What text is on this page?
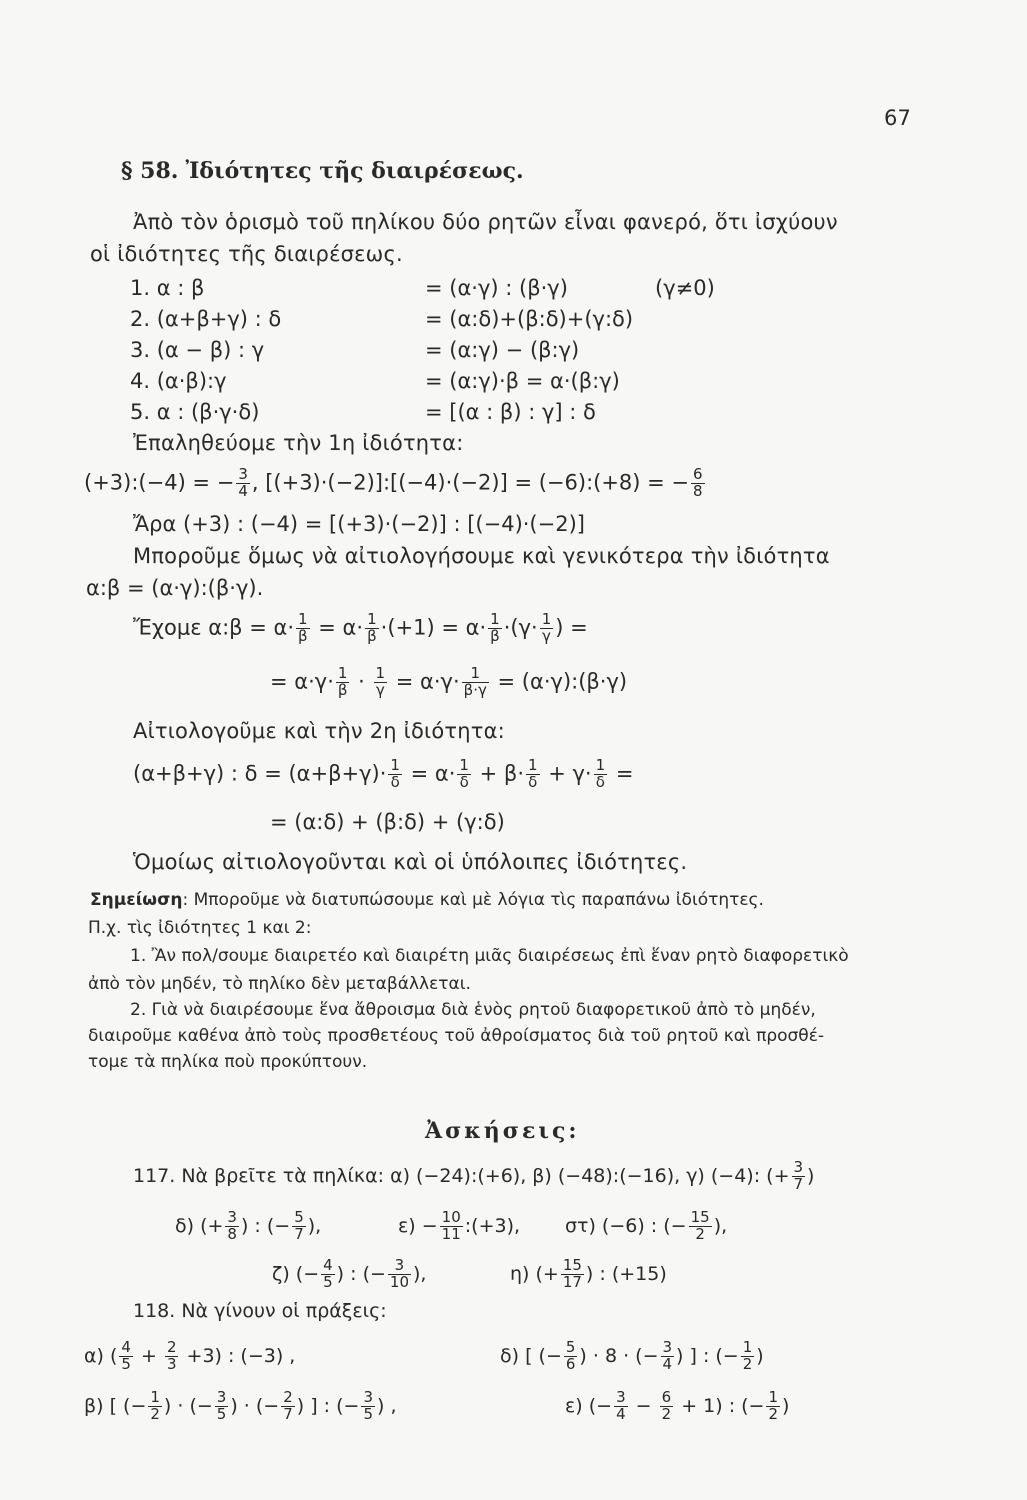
67
§ 58. Ἰδιότητες τῆς διαιρέσεως.
Ἀπὸ τὸν ὁρισμὸ τοῦ πηλίκου δύο ρητῶν εἶναι φανερό, ὅτι ἰσχύουν
οἱ ἰδιότητες τῆς διαιρέσεως.
1. α : β	= (α·γ) : (β·γ)	(γ≠0)
2. (α+β+γ) : δ	= (α:δ)+(β:δ)+(γ:δ)
3. (α − β) : γ	= (α:γ) − (β:γ)
4. (α·β):γ	= (α:γ)·β = α·(β:γ)
5. α : (β·γ·δ)	= [(α : β) : γ] : δ
Ἐπαληθεύομε τὴν 1η ἰδιότητα:
(+3):(−4) = − $\frac{3}{4}$ , [(+3)·(−2)]:[(−4)·(−2)] = (−6):(+8) = − $\frac{6}{8}$
Ἄρα (+3) : (−4) = [(+3)·(−2)] : [(−4)·(−2)]
Μποροῦμε ὅμως νὰ αἰτιολογήσουμε καὶ γενικότερα τὴν ἰδιότητα
α:β = (α·γ):(β·γ).
Ἔχομε α:β = $\alpha\cdot \frac{1}{\beta} = \alpha\cdot \frac{1}{\beta} \cdot(+1) = \alpha\cdot \frac{1}{\beta} \cdot(\gamma\cdot \frac{1}{\gamma}$ ) =
= $\alpha\cdot\gamma\cdot \frac{1}{\beta} \cdot \frac{1}{\gamma} = \alpha\cdot\gamma\cdot \frac{1}{\beta\cdot\gamma}$ = (α·γ):(β·γ)
Αἰτιολογοῦμε καὶ τὴν 2η ἰδιότητα:
(α+β+γ) : $\delta = (\alpha+\beta+\gamma)\cdot \frac{1}{\delta} = \alpha\cdot \frac{1}{\delta} + \beta\cdot \frac{1}{\delta} + \gamma\cdot \frac{1}{\delta}$ =
= (α:δ) + (β:δ) + (γ:δ)
Ὁμοίως αἰτιολογοῦνται καὶ οἱ ὑπόλοιπες ἰδιότητες.
Σημείωση: Μποροῦμε νὰ διατυπώσουμε καὶ μὲ λόγια τὶς παραπάνω ἰδιότητες.
Π.χ. τὶς ἰδιότητες 1 και 2:
1. Ἂν πολ/σουμε διαιρετέο καὶ διαιρέτη μιᾶς διαιρέσεως ἐπὶ ἕναν ρητὸ διαφορετικὸ
ἀπὸ τὸν μηδέν, τὸ πηλίκο δὲν μεταβάλλεται.
2. Γιὰ νὰ διαιρέσουμε ἕνα ἄθροισμα διὰ ἑνὸς ρητοῦ διαφορετικοῦ ἀπὸ τὸ μηδέν,
διαιροῦμε καθένα ἀπὸ τοὺς προσθετέους τοῦ ἀθροίσματος διὰ τοῦ ρητοῦ καὶ προσθέ-
τομε τὰ πηλίκα ποὺ προκύπτουν.
Ἀσκήσεις:
117. Νὰ βρεῖτε τὰ πηλίκα: α) (−24):(+6), β) (−48):(−16), γ) (−4): (+ $\frac{3}{7}$ )
δ) (+ $\frac{3}{8}$ ) : (− $\frac{5}{7}$ ),	$\varepsilon) - \frac{10}{11}$ :(+3), στ) (−6) : (− $\frac{15}{2}$ ),
ζ) (− $\frac{4}{5}$ ) : (− $\frac{3}{10}$ ),	η) (+ $\frac{15}{17}$ ) : (+15)
118. Νὰ γίνουν οἱ πράξεις:
α) ( $\frac{4}{5} + \frac{2}{3} +3$) : (−3) ,	δ) [ (− $\frac{5}{6}$ ) · 8 · (− $\frac{3}{4}$ ) ] : (− $\frac{1}{2}$ )
β) [ (− $\frac{1}{2}$ ) · (− $\frac{3}{5}$ ) · (− $\frac{2}{7}$ ) ] : (− $\frac{3}{5}$ ) ,	ε) (− $\frac{3}{4} - \frac{6}{2} + 1$) : (− $\frac{1}{2}$ )
